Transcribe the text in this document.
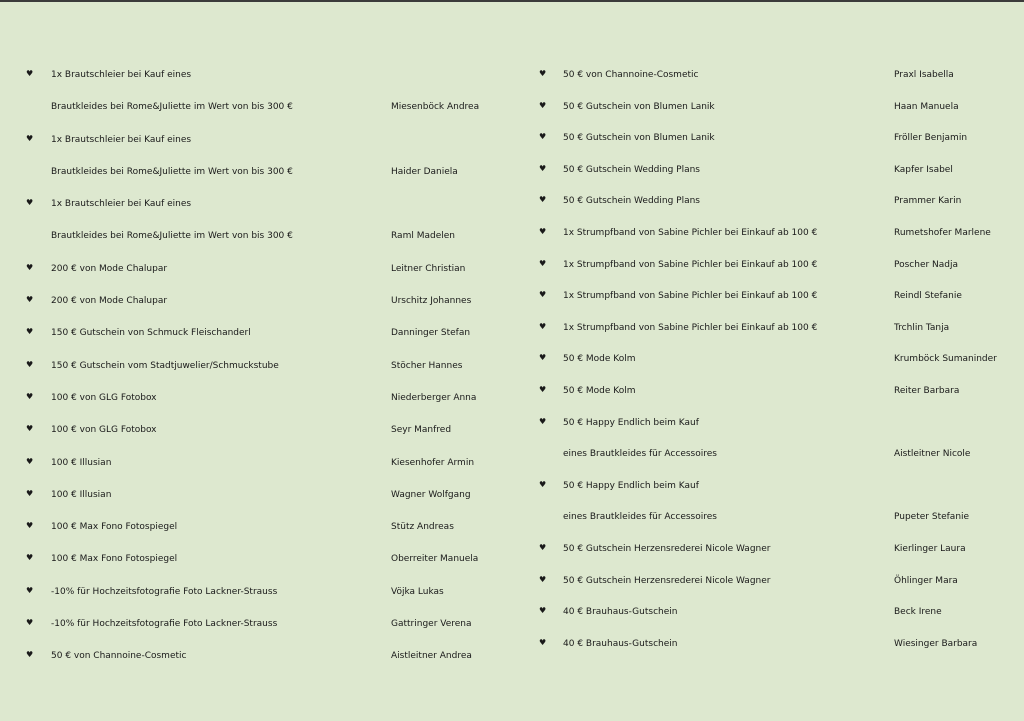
♥ 1x Brautschleier bei Kauf eines
Brautkleides bei Rome&Juliette im Wert von bis 300 €	Miesenböck Andrea
♥ 1x Brautschleier bei Kauf eines
Brautkleides bei Rome&Juliette im Wert von bis 300 €	Haider Daniela
♥ 1x Brautschleier bei Kauf eines
Brautkleides bei Rome&Juliette im Wert von bis 300 €	Raml Madelen
♥ 200 € von Mode Chalupar	Leitner Christian
♥ 200 € von Mode Chalupar	Urschitz Johannes
♥ 150 € Gutschein von Schmuck Fleischanderl	Danninger Stefan
♥ 150 € Gutschein vom Stadtjuwelier/Schmuckstube	Stöcher Hannes
♥ 100 € von GLG Fotobox	Niederberger Anna
♥ 100 € von GLG Fotobox	Seyr Manfred
♥ 100 € Illusian	Kiesenhofer Armin
♥ 100 € Illusian	Wagner Wolfgang
♥ 100 € Max Fono Fotospiegel	Stütz Andreas
♥ 100 € Max Fono Fotospiegel	Oberreiter Manuela
♥ -10% für Hochzeitsfotografie Foto Lackner-Strauss	Vöjka Lukas
♥ -10% für Hochzeitsfotografie Foto Lackner-Strauss	Gattringer Verena
♥ 50 € von Channoine-Cosmetic	Aistleitner Andrea
♥ 50 € von Channoine-Cosmetic	Praxl Isabella
♥ 50 € Gutschein von Blumen Lanik	Haan Manuela
♥ 50 € Gutschein von Blumen Lanik	Fröller Benjamin
♥ 50 € Gutschein Wedding Plans	Kapfer Isabel
♥ 50 € Gutschein Wedding Plans	Prammer Karin
♥ 1x Strumpfband von Sabine Pichler bei Einkauf ab 100 €	Rumetshofer Marlene
♥ 1x Strumpfband von Sabine Pichler bei Einkauf ab 100 €	Poscher Nadja
♥ 1x Strumpfband von Sabine Pichler bei Einkauf ab 100 €	Reindl Stefanie
♥ 1x Strumpfband von Sabine Pichler bei Einkauf ab 100 €	Trchlin Tanja
♥ 50 € Mode Kolm	Krumböck Sumaninder
♥ 50 € Mode Kolm	Reiter Barbara
♥ 50 € Happy Endlich beim Kauf
eines Brautkleides für Accessoires	Aistleitner Nicole
♥ 50 € Happy Endlich beim Kauf
eines Brautkleides für Accessoires	Pupeter Stefanie
♥ 50 € Gutschein Herzensrederei Nicole Wagner	Kierlinger Laura
♥ 50 € Gutschein Herzensrederei Nicole Wagner	Öhlinger Mara
♥ 40 € Brauhaus-Gutschein	Beck Irene
♥ 40 € Brauhaus-Gutschein	Wiesinger Barbara
